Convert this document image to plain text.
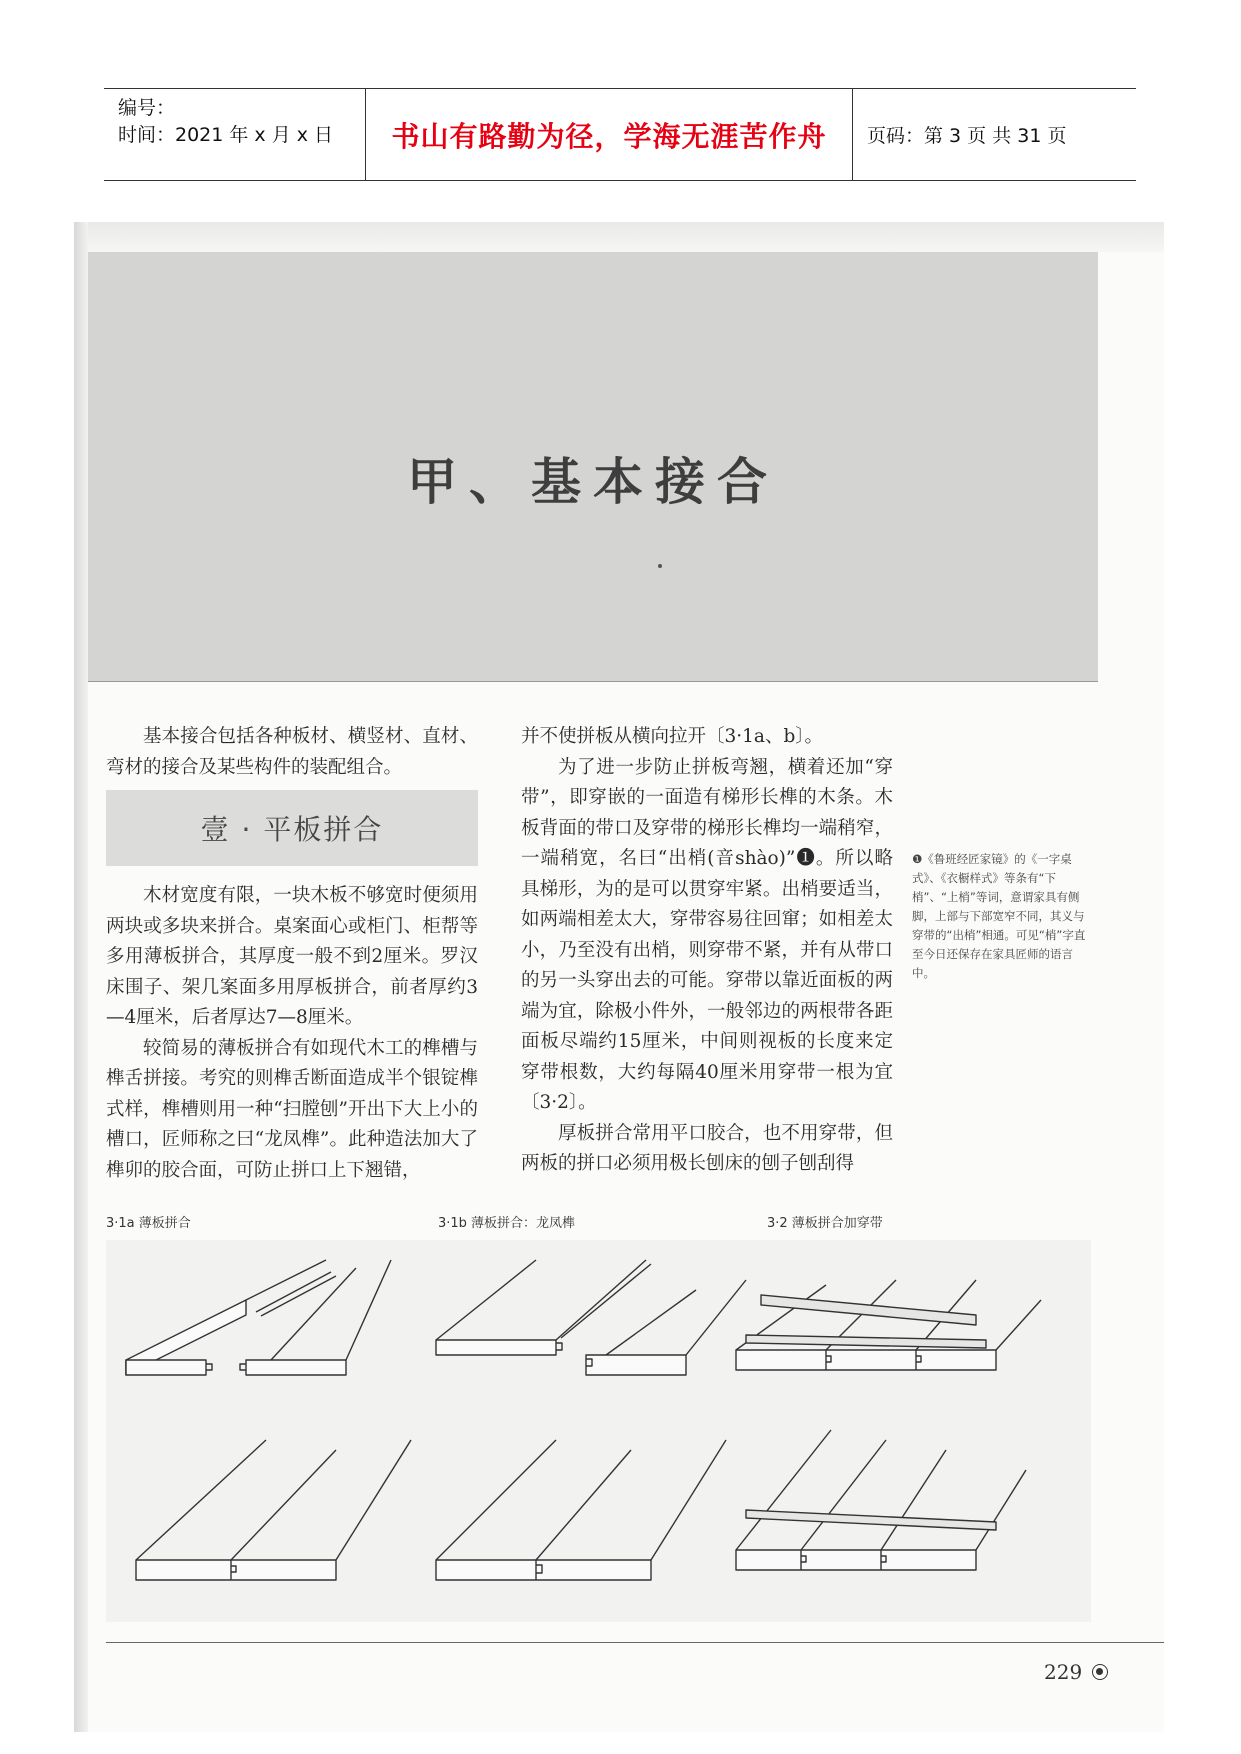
编号：
时间：2021 年 x 月 x 日	书山有路勤为径，学海无涯苦作舟 页码：第 3 页 共 31 页
甲、基本接合

基本接合包括各种板材、横竖材、直材、弯材的接合及某些构件的装配组合。

木材宽度有限，一块木板不够宽时便须用两块或多块来拼合。桌案面心或柜门、柜帮等多用薄板拼合，其厚度一般不到2厘米。罗汉床围子、架几案面多用厚板拼合，前者厚约3—4厘米，后者厚达7—8厘米。

较简易的薄板拼合有如现代木工的榫槽与榫舌拼接。考究的则榫舌断面造成半个银锭榫式样，榫槽则用一种“扫膛刨”开出下大上小的槽口，匠师称之曰“龙凤榫”。此种造法加大了榫卯的胶合面，可防止拼口上下翘错，

壹 · 平板拼合

并不使拼板从横向拉开〔3·1a、b〕。

为了进一步防止拼板弯翘，横着还加“穿带”，即穿嵌的一面造有梯形长榫的木条。木板背面的带口及穿带的梯形长榫均一端稍窄，一端稍宽，名曰“出梢(音shào)”❶。所以略具梯形，为的是可以贯穿牢紧。出梢要适当，如两端相差太大，穿带容易往回窜；如相差太小，乃至没有出梢，则穿带不紧，并有从带口的另一头穿出去的可能。穿带以靠近面板的两端为宜，除极小件外，一般邻边的两根带各距面板尽端约15厘米，中间则视板的长度来定穿带根数，大约每隔40厘米用穿带一根为宜〔3·2〕。

厚板拼合常用平口胶合，也不用穿带，但两板的拼口必须用极长刨床的刨子刨刮得

❶《鲁班经匠家镜》的《一字桌式》、《衣橱样式》等条有“下梢”、“上梢”等词，意谓家具有侧脚，上部与下部宽窄不同，其义与穿带的“出梢”相通。可见“梢”字直至今日还保存在家具匠师的语言中。
3·1a 薄板拼合	3·1b 薄板拼合：龙凤榫	3·2 薄板拼合加穿带
229
